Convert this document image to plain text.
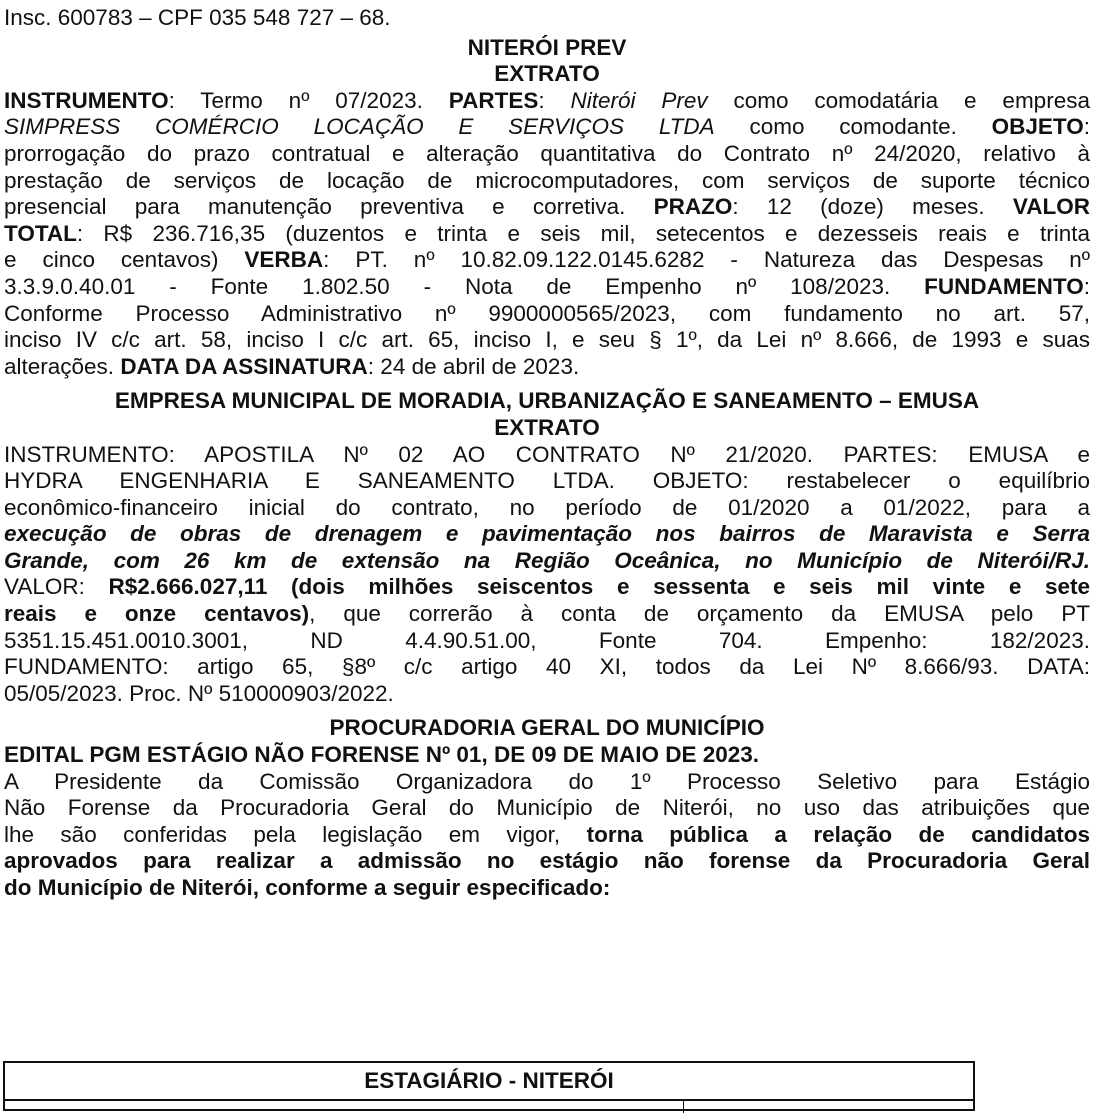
Insc. 600783 – CPF 035 548 727 – 68.

NITERÓI PREV
EXTRATO
INSTRUMENTO: Termo nº 07/2023. PARTES: Niterói Prev como comodatária e empresa
SIMPRESS COMÉRCIO LOCAÇÃO E SERVIÇOS LTDA como comodante. OBJETO:
prorrogação do prazo contratual e alteração quantitativa do Contrato nº 24/2020, relativo à
prestação de serviços de locação de microcomputadores, com serviços de suporte técnico
presencial para manutenção preventiva e corretiva. PRAZO: 12 (doze) meses. VALOR
TOTAL: R$ 236.716,35 (duzentos e trinta e seis mil, setecentos e dezesseis reais e trinta
e cinco centavos) VERBA: PT. nº 10.82.09.122.0145.6282 - Natureza das Despesas nº
3.3.9.0.40.01 - Fonte 1.802.50 - Nota de Empenho nº 108/2023. FUNDAMENTO:
Conforme Processo Administrativo nº 9900000565/2023, com fundamento no art. 57,
inciso IV c/c art. 58, inciso I c/c art. 65, inciso I, e seu § 1º, da Lei nº 8.666, de 1993 e suas
alterações. DATA DA ASSINATURA: 24 de abril de 2023.
EMPRESA MUNICIPAL DE MORADIA, URBANIZAÇÃO E SANEAMENTO – EMUSA
EXTRATO
INSTRUMENTO: APOSTILA Nº 02 AO CONTRATO Nº 21/2020. PARTES: EMUSA e
HYDRA ENGENHARIA E SANEAMENTO LTDA. OBJETO: restabelecer o equilíbrio
econômico-financeiro inicial do contrato, no período de 01/2020 a 01/2022, para a
execução de obras de drenagem e pavimentação nos bairros de Maravista e Serra
Grande, com 26 km de extensão na Região Oceânica, no Município de Niterói/RJ.
VALOR: R$2.666.027,11 (dois milhões seiscentos e sessenta e seis mil vinte e sete
reais e onze centavos), que correrão à conta de orçamento da EMUSA pelo PT
5351.15.451.0010.3001, ND 4.4.90.51.00, Fonte 704. Empenho: 182/2023.
FUNDAMENTO: artigo 65, §8º c/c artigo 40 XI, todos da Lei Nº 8.666/93. DATA:
05/05/2023. Proc. Nº 510000903/2022.
PROCURADORIA GERAL DO MUNICÍPIO
EDITAL PGM ESTÁGIO NÃO FORENSE Nº 01, DE 09 DE MAIO DE 2023.
A Presidente da Comissão Organizadora do 1º Processo Seletivo para Estágio
Não Forense da Procuradoria Geral do Município de Niterói, no uso das atribuições que
lhe são conferidas pela legislação em vigor, torna pública a relação de candidatos
aprovados para realizar a admissão no estágio não forense da Procuradoria Geral
do Município de Niterói, conforme a seguir especificado:
ESTAGIÁRIO - NITERÓI
